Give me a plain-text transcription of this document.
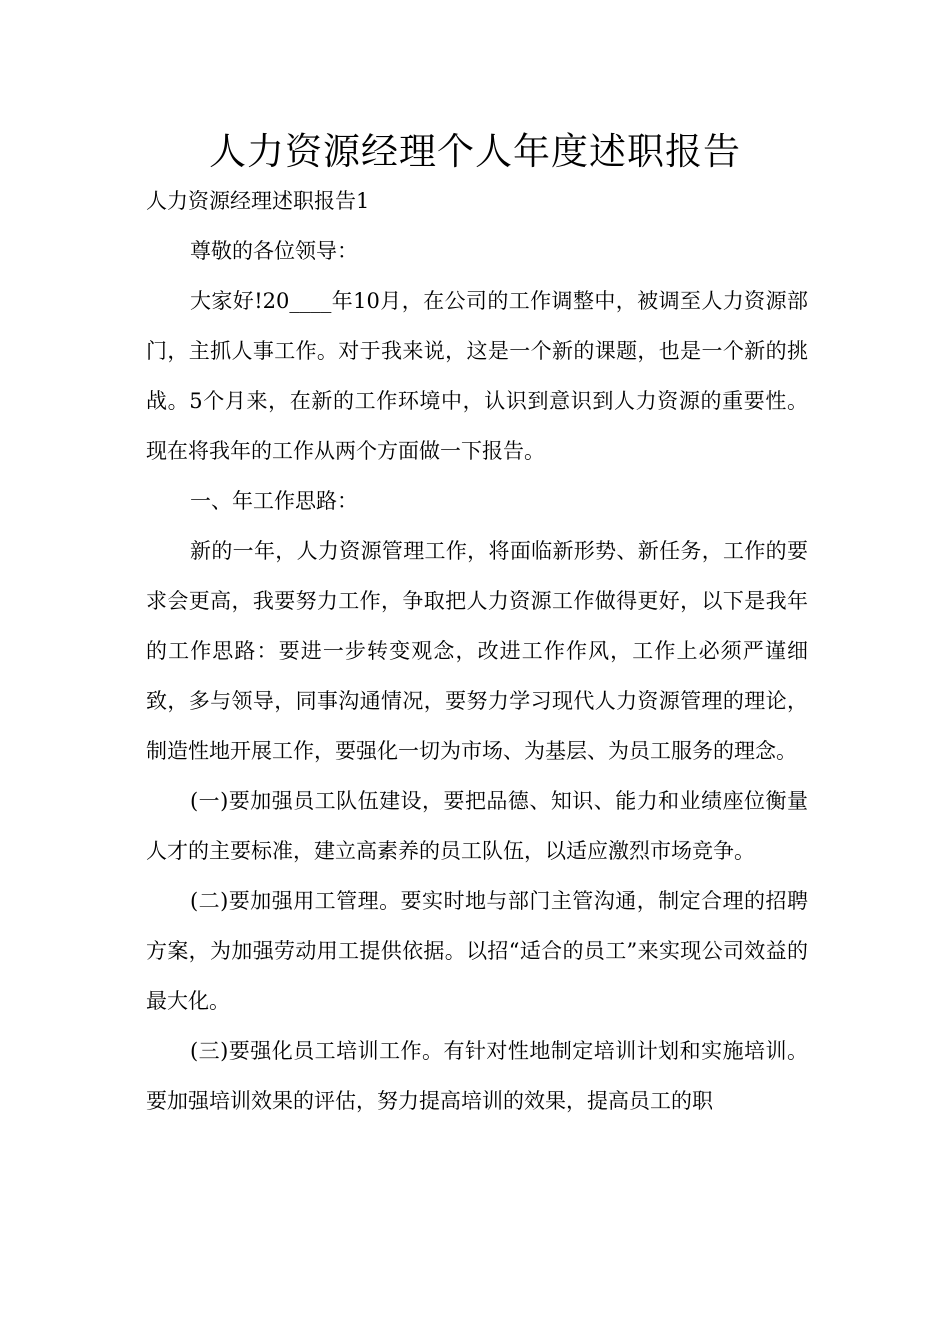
人力资源经理个人年度述职报告

人力资源经理述职报告1

尊敬的各位领导：

大家好!20____年10月，在公司的工作调整中，被调至人力资源部门，主抓人事工作。对于我来说，这是一个新的课题，也是一个新的挑战。5个月来，在新的工作环境中，认识到意识到人力资源的重要性。现在将我年的工作从两个方面做一下报告。

一、年工作思路：

新的一年，人力资源管理工作，将面临新形势、新任务，工作的要求会更高，我要努力工作，争取把人力资源工作做得更好，以下是我年的工作思路：要进一步转变观念，改进工作作风，工作上必须严谨细致，多与领导，同事沟通情况，要努力学习现代人力资源管理的理论，制造性地开展工作，要强化一切为市场、为基层、为员工服务的理念。

(一)要加强员工队伍建设，要把品德、知识、能力和业绩座位衡量人才的主要标准，建立高素养的员工队伍，以适应激烈市场竞争。

(二)要加强用工管理。要实时地与部门主管沟通，制定合理的招聘方案，为加强劳动用工提供依据。以招“适合的员工”来实现公司效益的最大化。

(三)要强化员工培训工作。有针对性地制定培训计划和实施培训。要加强培训效果的评估，努力提高培训的效果，提高员工的职
